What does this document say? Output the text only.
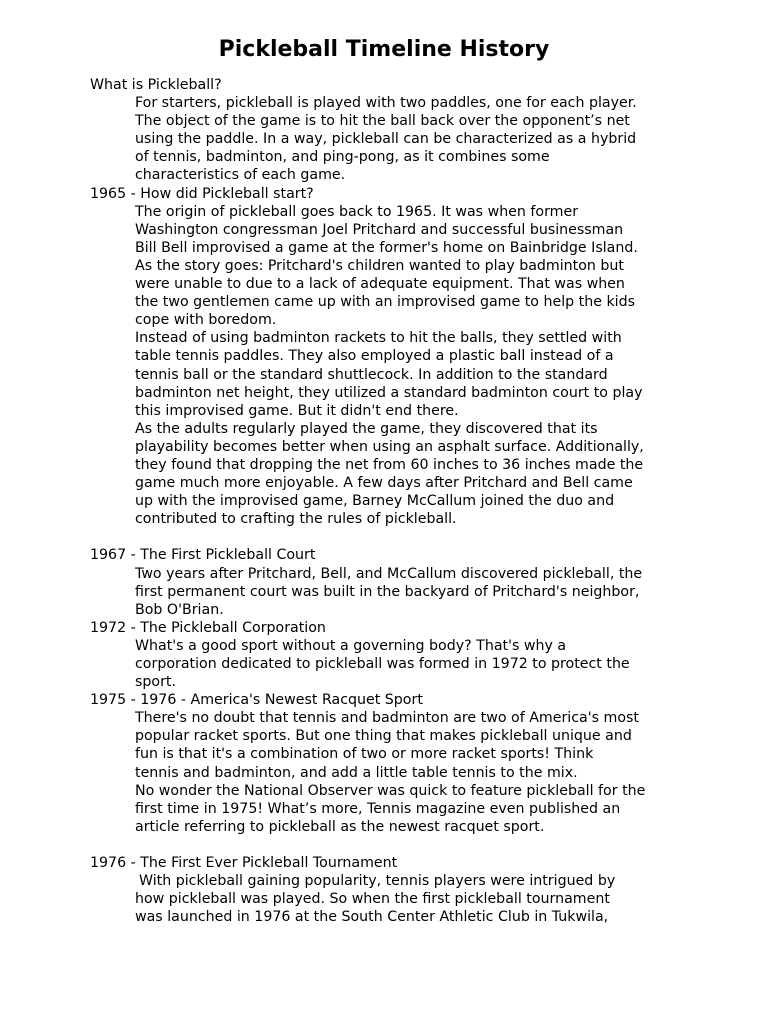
Pickleball Timeline History

What is Pickleball?

For starters, pickleball is played with two paddles, one for each player.
The object of the game is to hit the ball back over the opponent’s net
using the paddle. In a way, pickleball can be characterized as a hybrid
of tennis, badminton, and ping-pong, as it combines some
characteristics of each game.

1965 - How did Pickleball start?

The origin of pickleball goes back to 1965. It was when former
Washington congressman Joel Pritchard and successful businessman
Bill Bell improvised a game at the former's home on Bainbridge Island.
As the story goes: Pritchard's children wanted to play badminton but
were unable to due to a lack of adequate equipment. That was when
the two gentlemen came up with an improvised game to help the kids
cope with boredom.

Instead of using badminton rackets to hit the balls, they settled with
table tennis paddles. They also employed a plastic ball instead of a
tennis ball or the standard shuttlecock. In addition to the standard
badminton net height, they utilized a standard badminton court to play
this improvised game. But it didn't end there.

As the adults regularly played the game, they discovered that its
playability becomes better when using an asphalt surface. Additionally,
they found that dropping the net from 60 inches to 36 inches made the
game much more enjoyable. A few days after Pritchard and Bell came
up with the improvised game, Barney McCallum joined the duo and
contributed to crafting the rules of pickleball.

1967 - The First Pickleball Court

Two years after Pritchard, Bell, and McCallum discovered pickleball, the
first permanent court was built in the backyard of Pritchard's neighbor,
Bob O'Brian.

1972 - The Pickleball Corporation

What's a good sport without a governing body? That's why a
corporation dedicated to pickleball was formed in 1972 to protect the
sport.

1975 - 1976 - America's Newest Racquet Sport

There's no doubt that tennis and badminton are two of America's most
popular racket sports. But one thing that makes pickleball unique and
fun is that it's a combination of two or more racket sports! Think
tennis and badminton, and add a little table tennis to the mix.

No wonder the National Observer was quick to feature pickleball for the
first time in 1975! What’s more, Tennis magazine even published an
article referring to pickleball as the newest racquet sport.

1976 - The First Ever Pickleball Tournament

With pickleball gaining popularity, tennis players were intrigued by
how pickleball was played. So when the first pickleball tournament
was launched in 1976 at the South Center Athletic Club in Tukwila,
